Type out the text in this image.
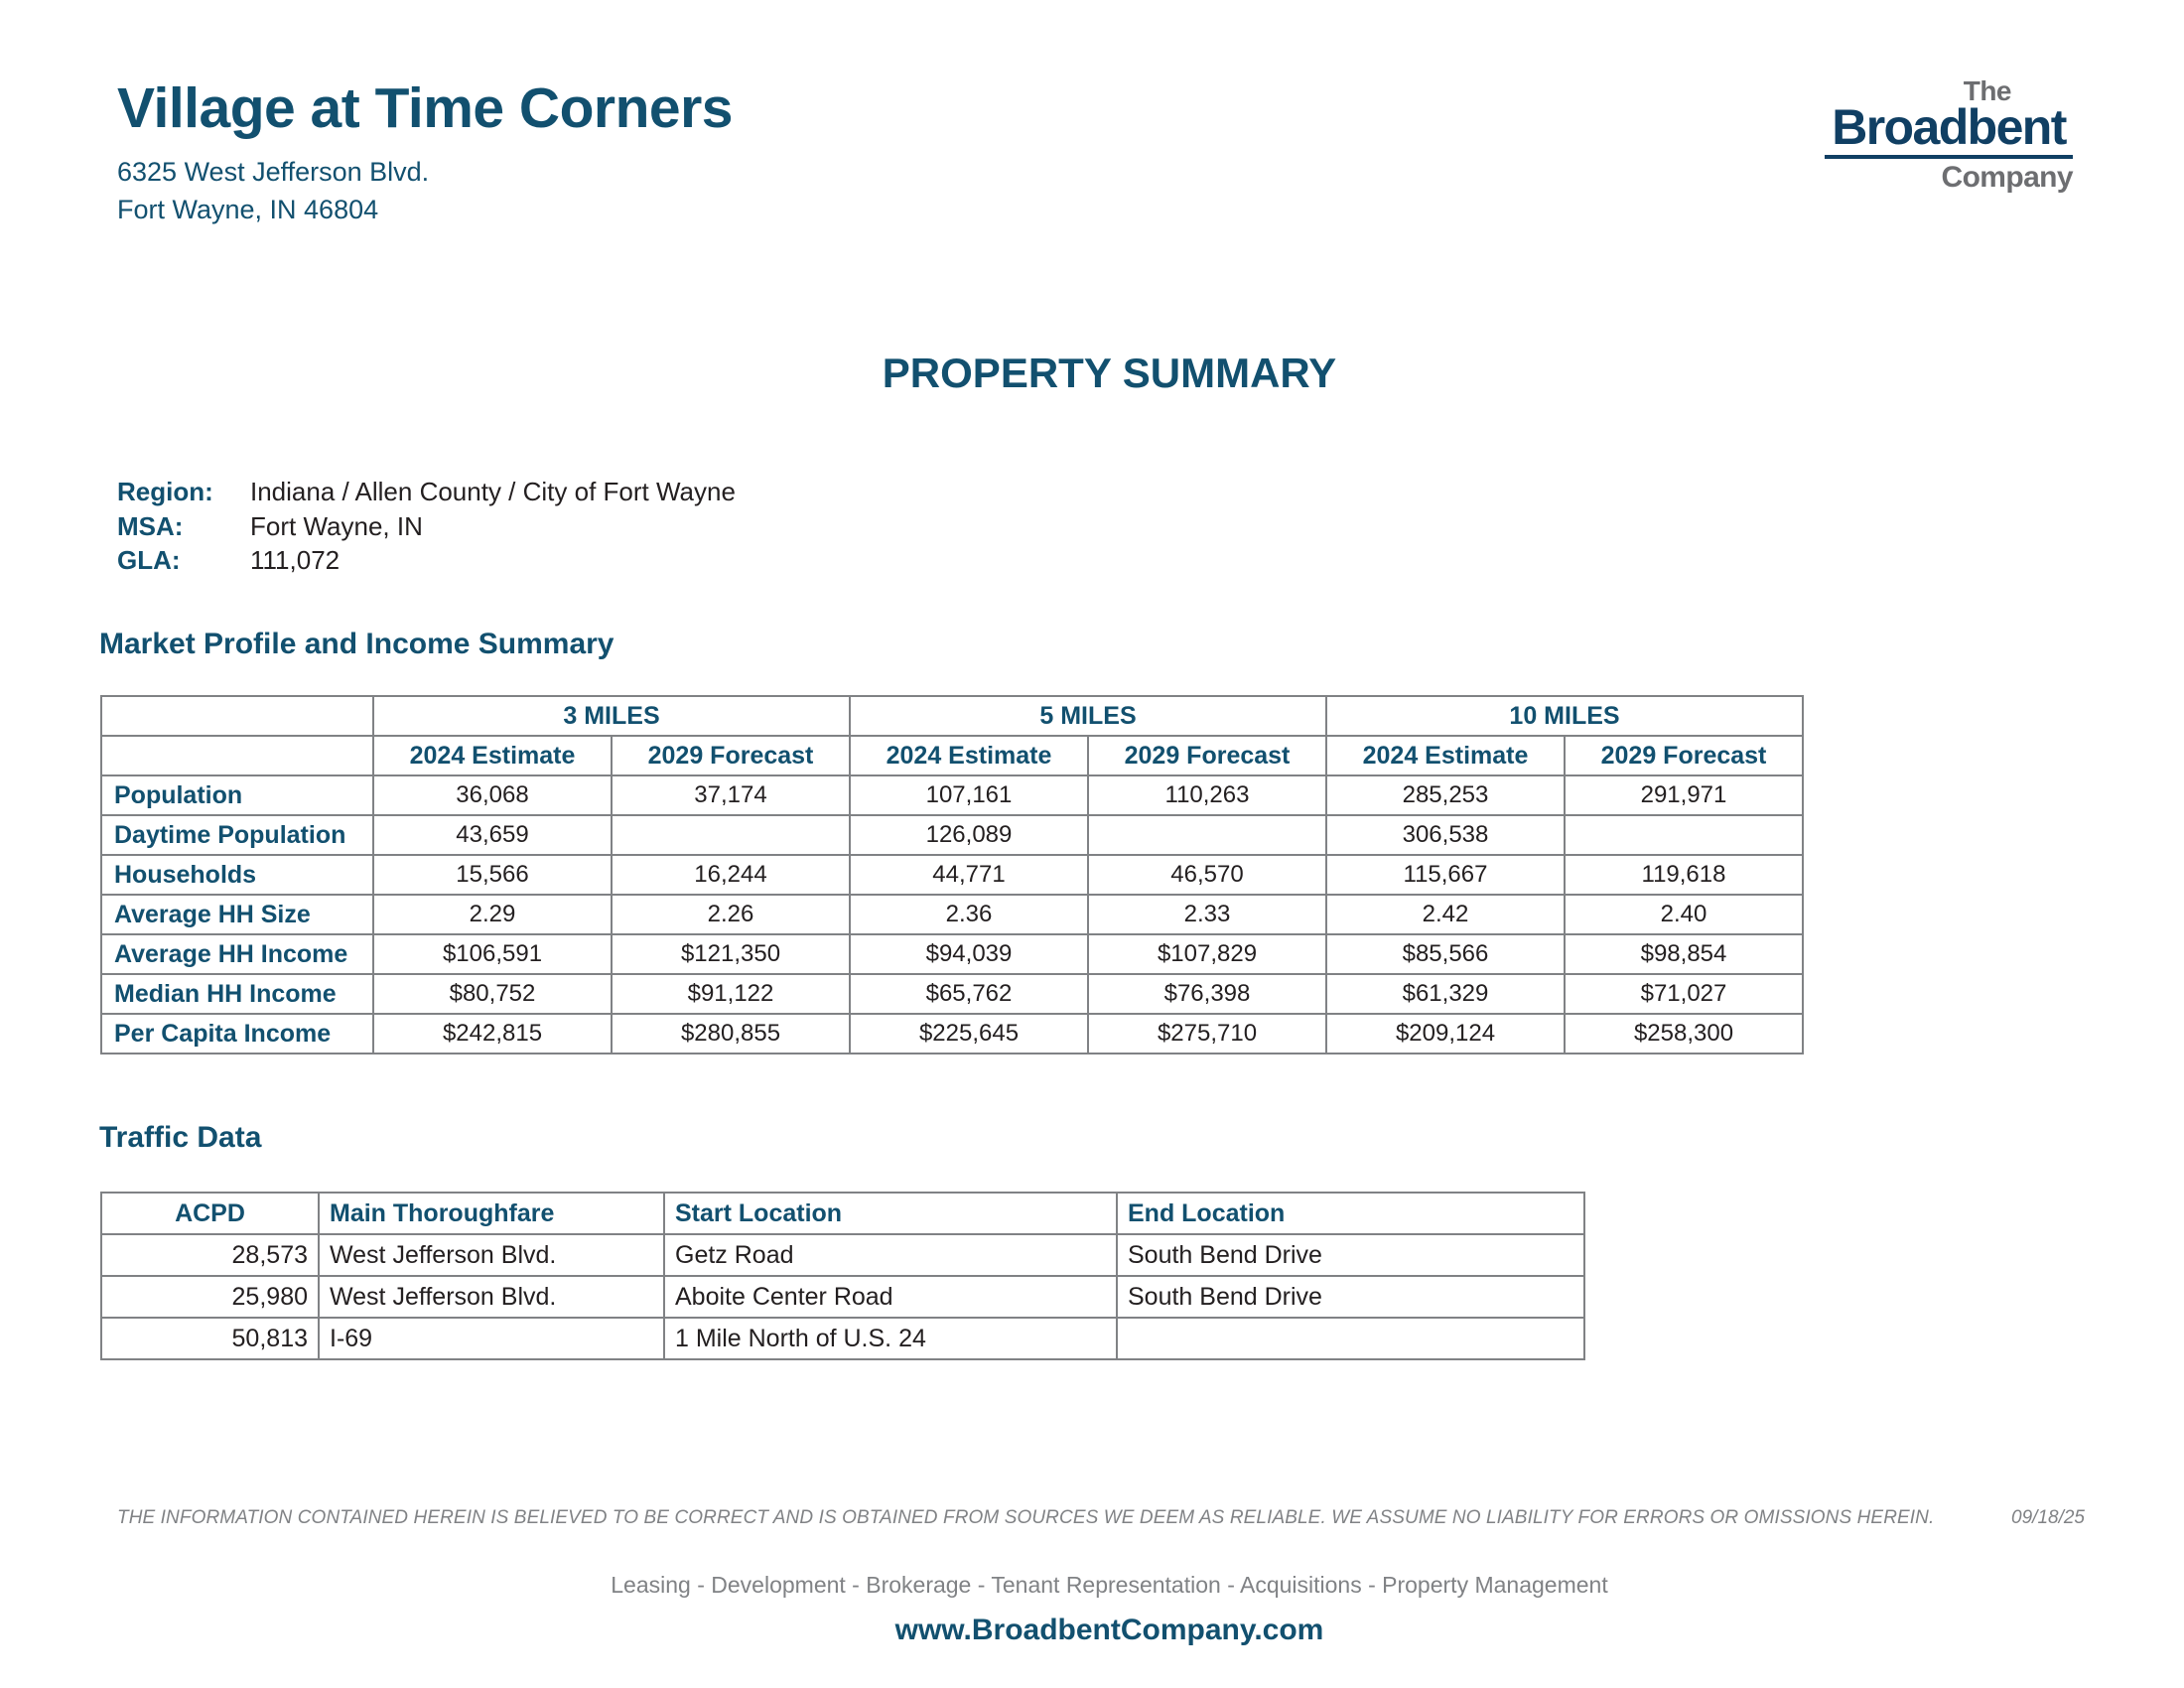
Village at Time Corners
6325 West Jefferson Blvd.
Fort Wayne, IN 46804
The
Broadbent
Company
PROPERTY SUMMARY
Region:	Indiana / Allen County / City of Fort Wayne
MSA:	Fort Wayne, IN
GLA:	111,072
Market Profile and Income Summary
	3 MILES		5 MILES		10 MILES	
	2024 Estimate	2029 Forecast	2024 Estimate	2029 Forecast	2024 Estimate	2029 Forecast
Population	36,068	37,174	107,161	110,263	285,253	291,971
Daytime Population	43,659		126,089		306,538	
Households	15,566	16,244	44,771	46,570	115,667	119,618
Average HH Size	2.29	2.26	2.36	2.33	2.42	2.40
Average HH Income	$106,591	$121,350	$94,039	$107,829	$85,566	$98,854
Median HH Income	$80,752	$91,122	$65,762	$76,398	$61,329	$71,027
Per Capita Income	$242,815	$280,855	$225,645	$275,710	$209,124	$258,300
Traffic Data
ACPD	Main Thoroughfare	Start Location	End Location
28,573	West Jefferson Blvd.	Getz Road	South Bend Drive
25,980	West Jefferson Blvd.	Aboite Center Road	South Bend Drive
50,813	I-69	1 Mile North of U.S. 24	
THE INFORMATION CONTAINED HEREIN IS BELIEVED TO BE CORRECT AND IS OBTAINED FROM SOURCES WE DEEM AS RELIABLE. WE ASSUME NO LIABILITY FOR ERRORS OR OMISSIONS HEREIN.	09/18/25
Leasing - Development - Brokerage - Tenant Representation - Acquisitions - Property Management
www.BroadbentCompany.com
